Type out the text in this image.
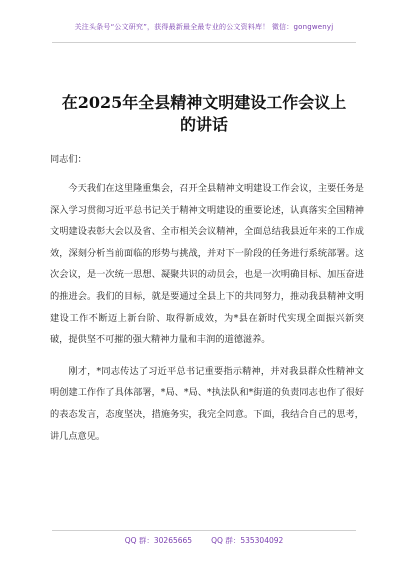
关注头条号“公文研究”，获得最新最全最专业的公文资料库！ 微信：gongwenyj
在2025年全县精神文明建设工作会议上
的讲话

同志们：

今天我们在这里隆重集会，召开全县精神文明建设工作会议，主要任务是深入学习贯彻习近平总书记关于精神文明建设的重要论述，认真落实全国精神文明建设表彰大会以及省、全市相关会议精神，全面总结我县近年来的工作成效，深刻分析当前面临的形势与挑战，并对下一阶段的任务进行系统部署。这次会议，是一次统一思想、凝聚共识的动员会，也是一次明确目标、加压奋进的推进会。我们的目标，就是要通过全县上下的共同努力，推动我县精神文明建设工作不断迈上新台阶、取得新成效，为*县在新时代实现全面振兴新突破，提供坚不可摧的强大精神力量和丰润的道德滋养。

刚才，*同志传达了习近平总书记重要指示精神，并对我县群众性精神文明创建工作作了具体部署，*局、*局、*执法队和*街道的负责同志也作了很好的表态发言，态度坚决，措施务实，我完全同意。下面，我结合自己的思考，讲几点意见。

QQ 群：30265665        QQ 群：535304092
